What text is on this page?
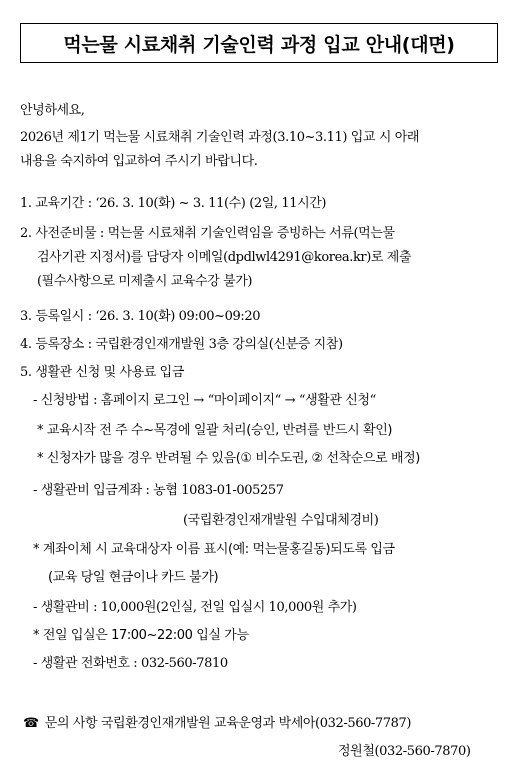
먹는물 시료채취 기술인력 과정 입교 안내(대면)
안녕하세요,
2026년 제1기 먹는물 시료채취 기술인력 과정(3.10~3.11) 입교 시 아래
내용을 숙지하여 입교하여 주시기 바랍니다.
1. 교육기간 : ‘26. 3. 10(화) ~ 3. 11(수) (2일, 11시간)
2. 사전준비물 : 먹는물 시료채취 기술인력임을 증빙하는 서류(먹는물
검사기관 지정서)를 담당자 이메일(dpdlwl4291@korea.kr)로 제출
(필수사항으로 미제출시 교육수강 불가)
3. 등록일시 : ‘26. 3. 10(화) 09:00~09:20
4. 등록장소 : 국립환경인재개발원 3층 강의실(신분증 지참)
5. 생활관 신청 및 사용료 입금
- 신청방법 : 홈페이지 로그인 → “마이페이지“ → “생활관 신청“
* 교육시작 전 주 수~목경에 일괄 처리(승인, 반려를 반드시 확인)
* 신청자가 많을 경우 반려될 수 있음(① 비수도권, ② 선착순으로 배정)
- 생활관비 입금계좌 : 농협 1083-01-005257
(국립환경인재개발원 수입대체경비)
* 계좌이체 시 교육대상자 이름 표시(예: 먹는물홍길동)되도록 입금
(교육 당일 현금이나 카드 불가)
- 생활관비 : 10,000원(2인실, 전일 입실시 10,000원 추가)
* 전일 입실은 17:00~22:00 입실 가능
- 생활관 전화번호 : 032-560-7810
☎ 문의 사항 국립환경인재개발원 교육운영과 박세아(032-560-7787)
정원철(032-560-7870)
